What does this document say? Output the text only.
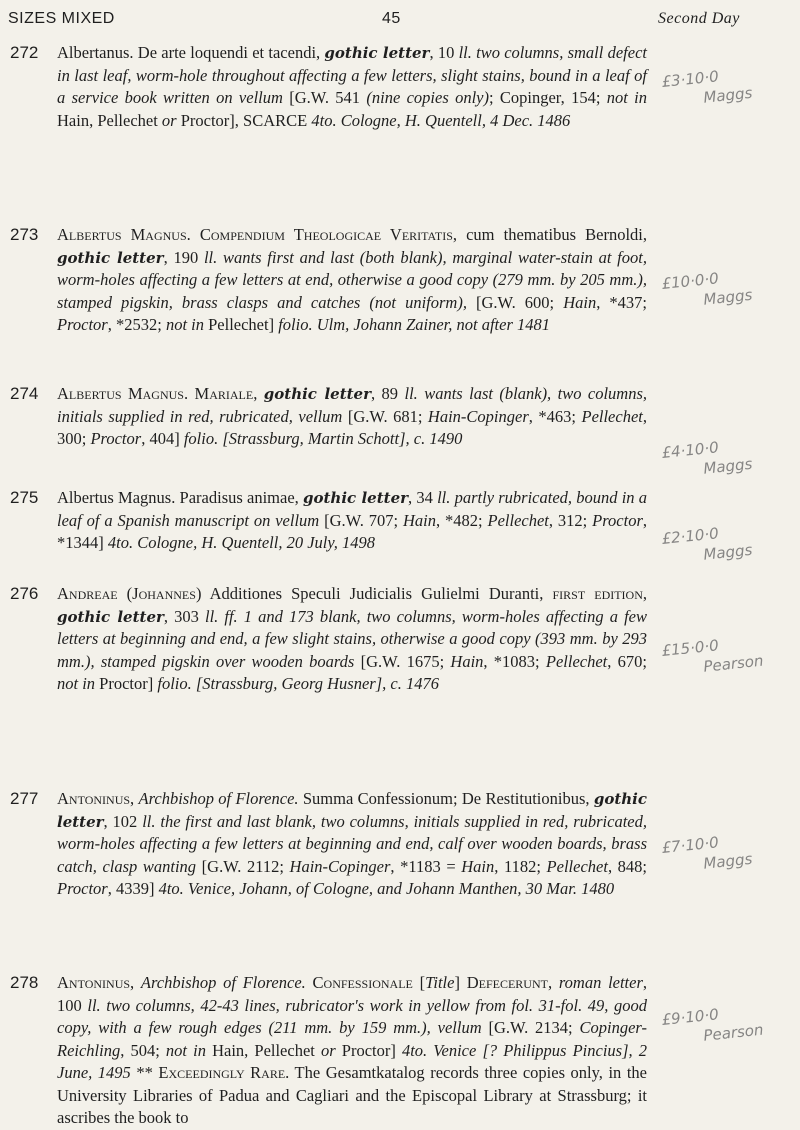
SIZES MIXED	45	Second Day
272 Albertanus. De arte loquendi et tacendi, gothic letter, 10 ll. two columns, small defect in last leaf, worm-hole throughout affecting a few letters, slight stains, bound in a leaf of a service book written on vellum [G.W. 541 (nine copies only); Copinger, 154; not in Hain, Pellechet or Proctor], SCARCE 4to. Cologne, H. Quentell, 4 Dec. 1486
£3·10·0
Maggs
273 Albertus Magnus. Compendium Theologicae Veritatis, cum thematibus Bernoldi, gothic letter, 190 ll. wants first and last (both blank), marginal water-stain at foot, worm-holes affecting a few letters at end, otherwise a good copy (279 mm. by 205 mm.), stamped pigskin, brass clasps and catches (not uniform), [G.W. 600; Hain, *437; Proctor, *2532; not in Pellechet] folio. Ulm, Johann Zainer, not after 1481
£10·0·0
Maggs
274 Albertus Magnus. Mariale, gothic letter, 89 ll. wants last (blank), two columns, initials supplied in red, rubricated, vellum [G.W. 681; Hain-Copinger, *463; Pellechet, 300; Proctor, 404] folio. [Strassburg, Martin Schott], c. 1490	£4·10·0
Maggs
275 Albertus Magnus. Paradisus animae, gothic letter, 34 ll. partly rubricated, bound in a leaf of a Spanish manuscript on vellum [G.W. 707; Hain, *482; Pellechet, 312; Proctor, *1344] 4to. Cologne, H. Quentell, 20 July, 1498	£2·10·0
Maggs
276 Andreae (Johannes) Additiones Speculi Judicialis Gulielmi Duranti, first edition, gothic letter, 303 ll. ff. 1 and 173 blank, two columns, worm-holes affecting a few letters at beginning and end, a few slight stains, otherwise a good copy (393 mm. by 293 mm.), stamped pigskin over wooden boards [G.W. 1675; Hain, *1083; Pellechet, 670; not in Proctor] folio. [Strassburg, Georg Husner], c. 1476
£15·0·0
Pearson
277 Antoninus, Archbishop of Florence. Summa Confessionum; De Restitutionibus, gothic letter, 102 ll. the first and last blank, two columns, initials supplied in red, rubricated, worm-holes affecting a few letters at beginning and end, calf over wooden boards, brass catch, clasp wanting [G.W. 2112; Hain-Copinger, *1183 = Hain, 1182; Pellechet, 848; Proctor, 4339] 4to. Venice, Johann, of Cologne, and Johann Manthen, 30 Mar. 1480
£7·10·0
Maggs
278 Antoninus, Archbishop of Florence. Confessionale [Title] Defecerunt, roman letter, 100 ll. two columns, 42-43 lines, rubricator's work in yellow from fol. 31-fol. 49, good copy, with a few rough edges (211 mm. by 159 mm.), vellum [G.W. 2134; Copinger-Reichling, 504; not in Hain, Pellechet or Proctor] 4to. Venice [? Philippus Pincius], 2 June, 1495 ** Exceedingly Rare. The Gesamtkatalog records three copies only, in the University Libraries of Padua and Cagliari and the Episcopal Library at Strassburg; it ascribes the book to
£9·10·0
Pearson
